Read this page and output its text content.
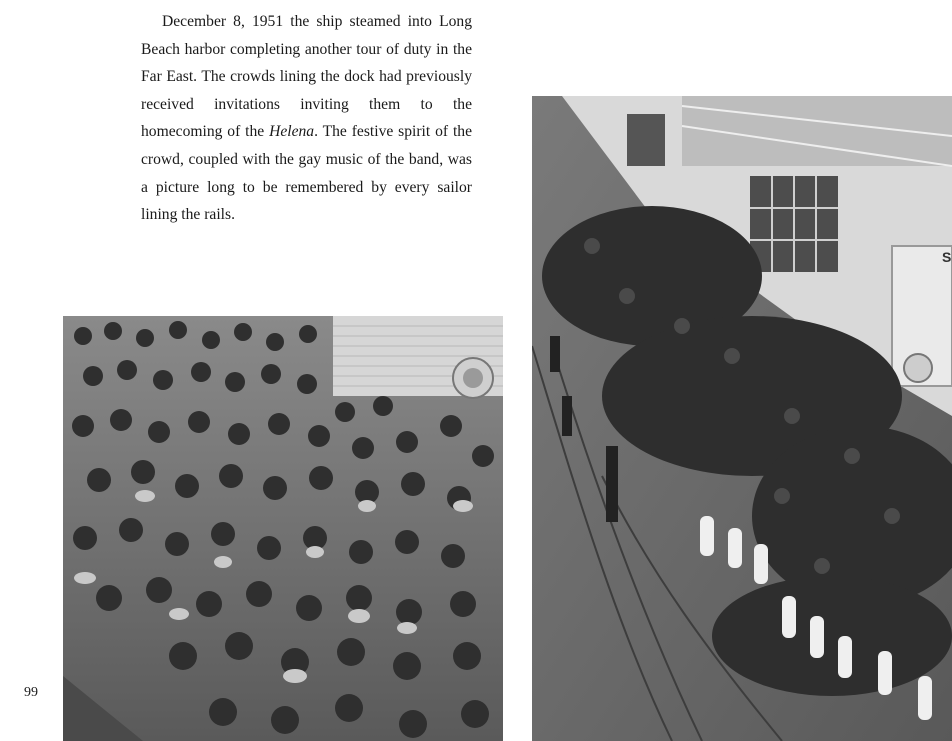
December 8, 1951 the ship steamed into Long Beach harbor completing another tour of duty in the Far East. The crowds lining the dock had previously received invitations inviting them to the homecoming of the Helena. The festive spirit of the crowd, coupled with the gay music of the band, was a picture long to be remembered by every sailor lining the rails.

S
99
